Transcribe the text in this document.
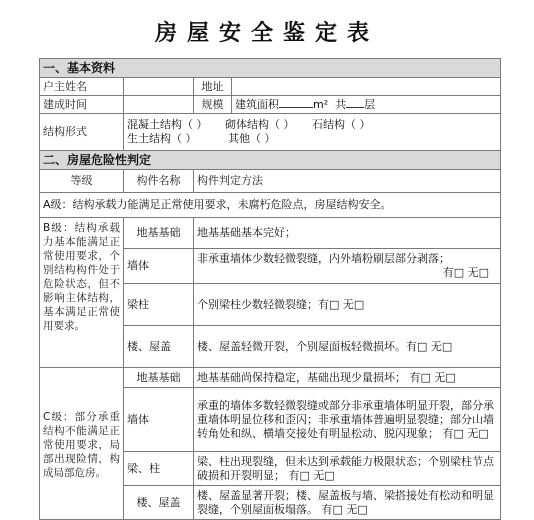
房屋安全鉴定表
一、基本资料			
户主姓名		地址	
建成时间		规模	建筑面积 m² 共 层
结构形式	混凝土结构（ ） 砌体结构（ ） 石结构（ ）
生土结构（ ） 其他（ ）		

二、房屋危险性判定			
等级	构件名称	构件判定方法	
A级：结构承载力能满足正常使用要求，未腐朽危险点，房屋结构安全。			
B级：结构承载力基本能满足正常使用要求，个别结构构件处于危险状态，但不影响主体结构，基本满足正常使用要求。	地基基础	地基基础基本完好；	
	墙体	非承重墙体少数轻微裂缝，内外墙粉刷层部分剥落；
有□ 无□	

	梁柱	个别梁柱少数轻微裂缝；有□ 无□	
	楼、屋盖	楼、屋盖轻微开裂，个别屋面板轻微损坏。有□ 无□	
C级：部分承重结构不能满足正常使用要求，局部出现险情，构成局部危房。	地基基础	地基基础尚保持稳定，基础出现少量损坏； 有□ 无□	
	墙体	承重的墙体多数轻微裂缝或部分非承重墙体明显开裂，部分承重墙体明显位移和歪闪；非承重墙体普遍明显裂缝；部分山墙转角处和纵、横墙交接处有明显松动、脱闪现象； 有□ 无□	
	梁、柱	梁、柱出现裂缝，但未达到承载能力极限状态；个别梁柱节点破损和开裂明显； 有□ 无□	
	楼、屋盖	楼、屋盖显著开裂；楼、屋盖板与墙、梁搭接处有松动和明显裂缝，个别屋面板塌落。 有□ 无□	
